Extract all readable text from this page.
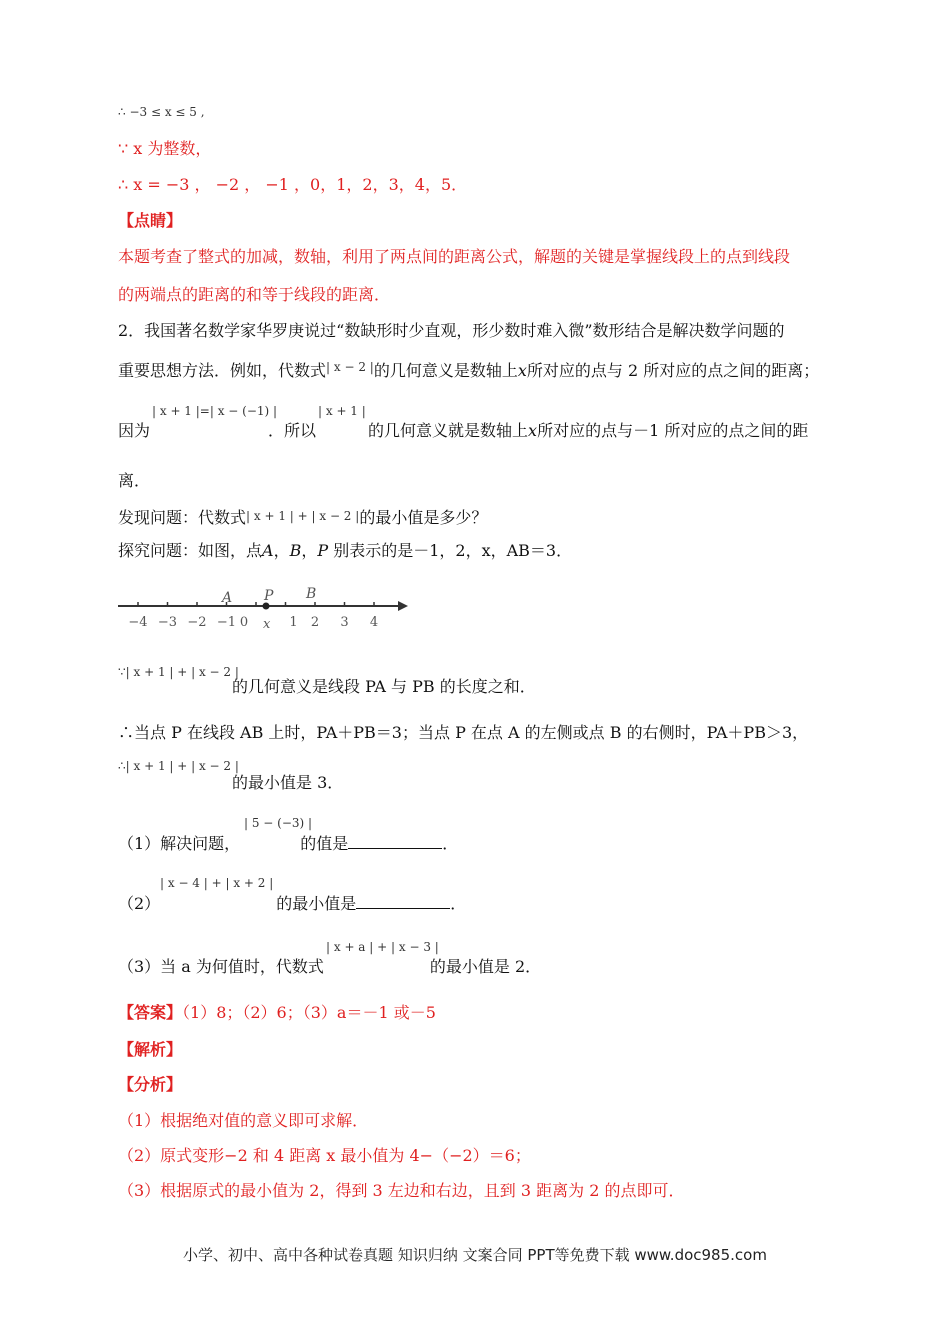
∴ −3 ≤ x ≤ 5 ,
∵ x 为整数，
∴ x = −3 ， −2 ， −1 ，0，1，2，3，4，5．
【点睛】
本题考查了整式的加减，数轴，利用了两点间的距离公式，解题的关键是掌握线段上的点到线段
的两端点的距离的和等于线段的距离．
2．我国著名数学家华罗庚说过“数缺形时少直观，形少数时难入微”数形结合是解决数学问题的
重要思想方法．例如，代数式$^{| x - 2 |}$的几何意义是数轴上x所对应的点与 2 所对应的点之间的距离；
| x + 1 |=| x − (−1) |	| x + 1 |
因为	．所以	的几何意义就是数轴上x所对应的点与－1 所对应的点之间的距
离．
发现问题：代数式| x + 1 | + | x − 2 |的最小值是多少？
探究问题：如图，点A，B，P 别表示的是－1，2，x，AB＝3．
−4 −3 −2 −1 0	1 2 3 4
A P B
x
∵| x + 1 | + | x − 2 |
的几何意义是线段 PA 与 PB 的长度之和．
∴当点 P 在线段 AB 上时，PA＋PB＝3；当点 P 在点 A 的左侧或点 B 的右侧时，PA＋PB＞3，
∴| x + 1 | + | x − 2 |
的最小值是 3．
| 5 − (−3) |
（1）解决问题，	的值是	．
| x − 4 | + | x + 2 |
（2）	的最小值是	．
| x + a | + | x − 3 |
（3）当 a 为何值时，代数式	的最小值是 2．
【答案】（1）8；（2）6；（3）a＝－1 或－5
【解析】
【分析】
（1）根据绝对值的意义即可求解．
（2）原式变形−2 和 4 距离 x 最小值为 4−（−2）＝6；
（3）根据原式的最小值为 2，得到 3 左边和右边，且到 3 距离为 2 的点即可．
小学、初中、高中各种试卷真题 知识归纳 文案合同 PPT等免费下载 www.doc985.com
